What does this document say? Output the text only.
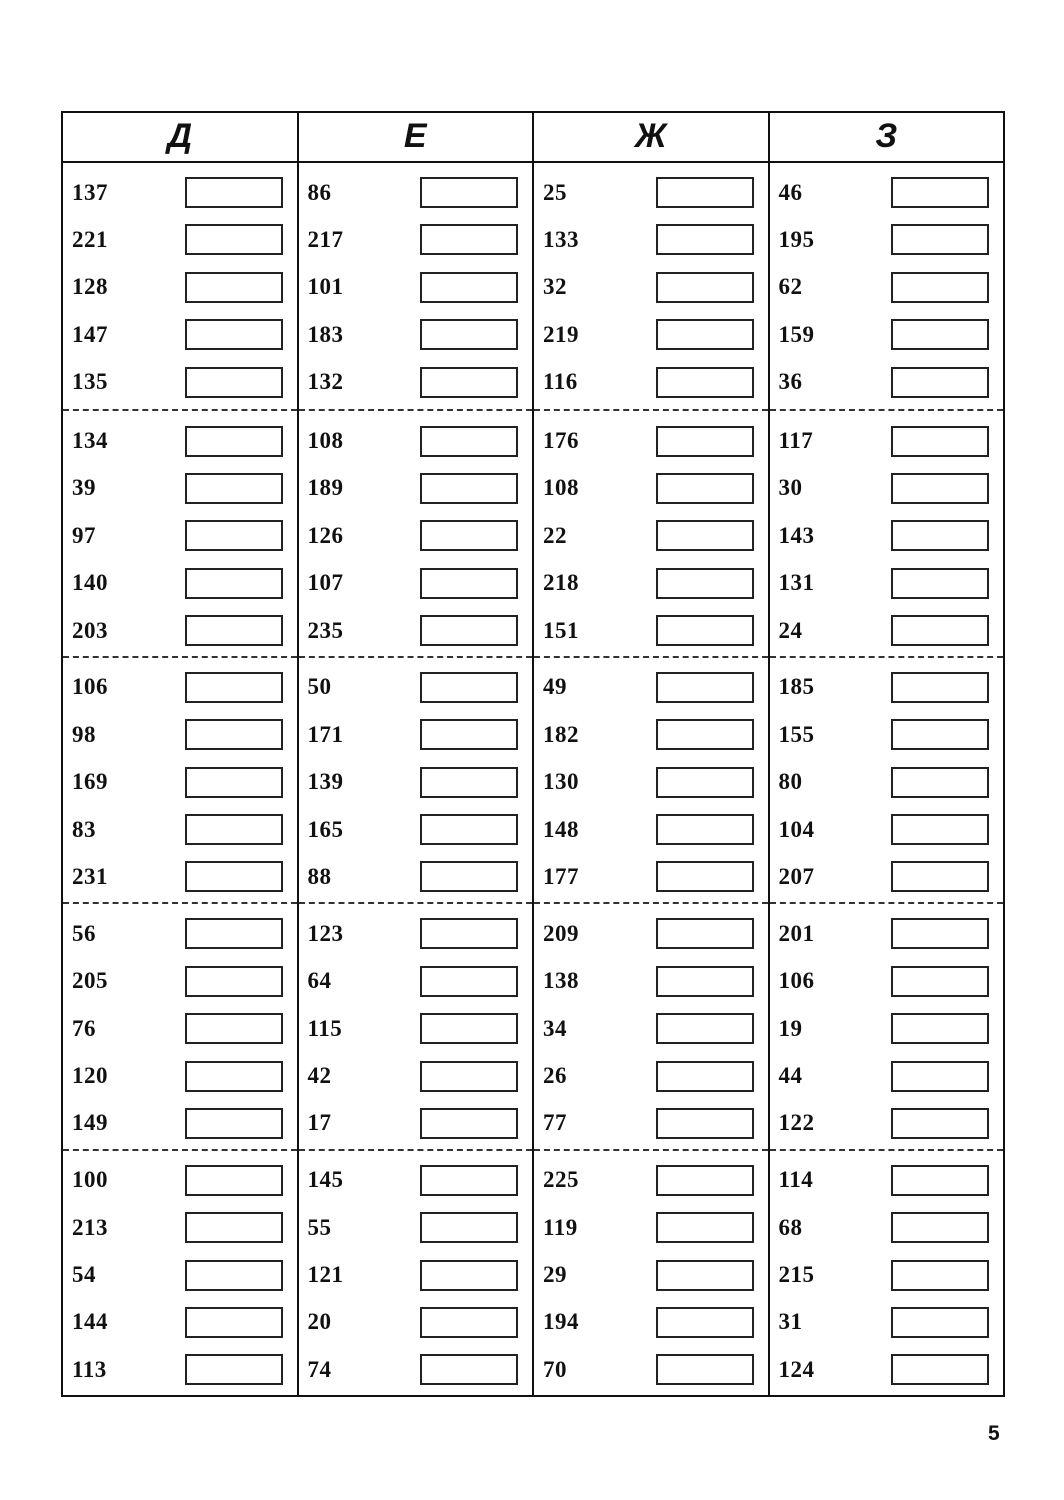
Д
137
221
128
147
135
134
39
97
140
203
106
98
169
83
231
56
205
76
120
149
100
213
54
144
113
Е
86
217
101
183
132
108
189
126
107
235
50
171
139
165
88
123
64
115
42
17
145
55
121
20
74
Ж
25
133
32
219
116
176
108
22
218
151
49
182
130
148
177
209
138
34
26
77
225
119
29
194
70
З
46
195
62
159
36
117
30
143
131
24
185
155
80
104
207
201
106
19
44
122
114
68
215
31
124
5
